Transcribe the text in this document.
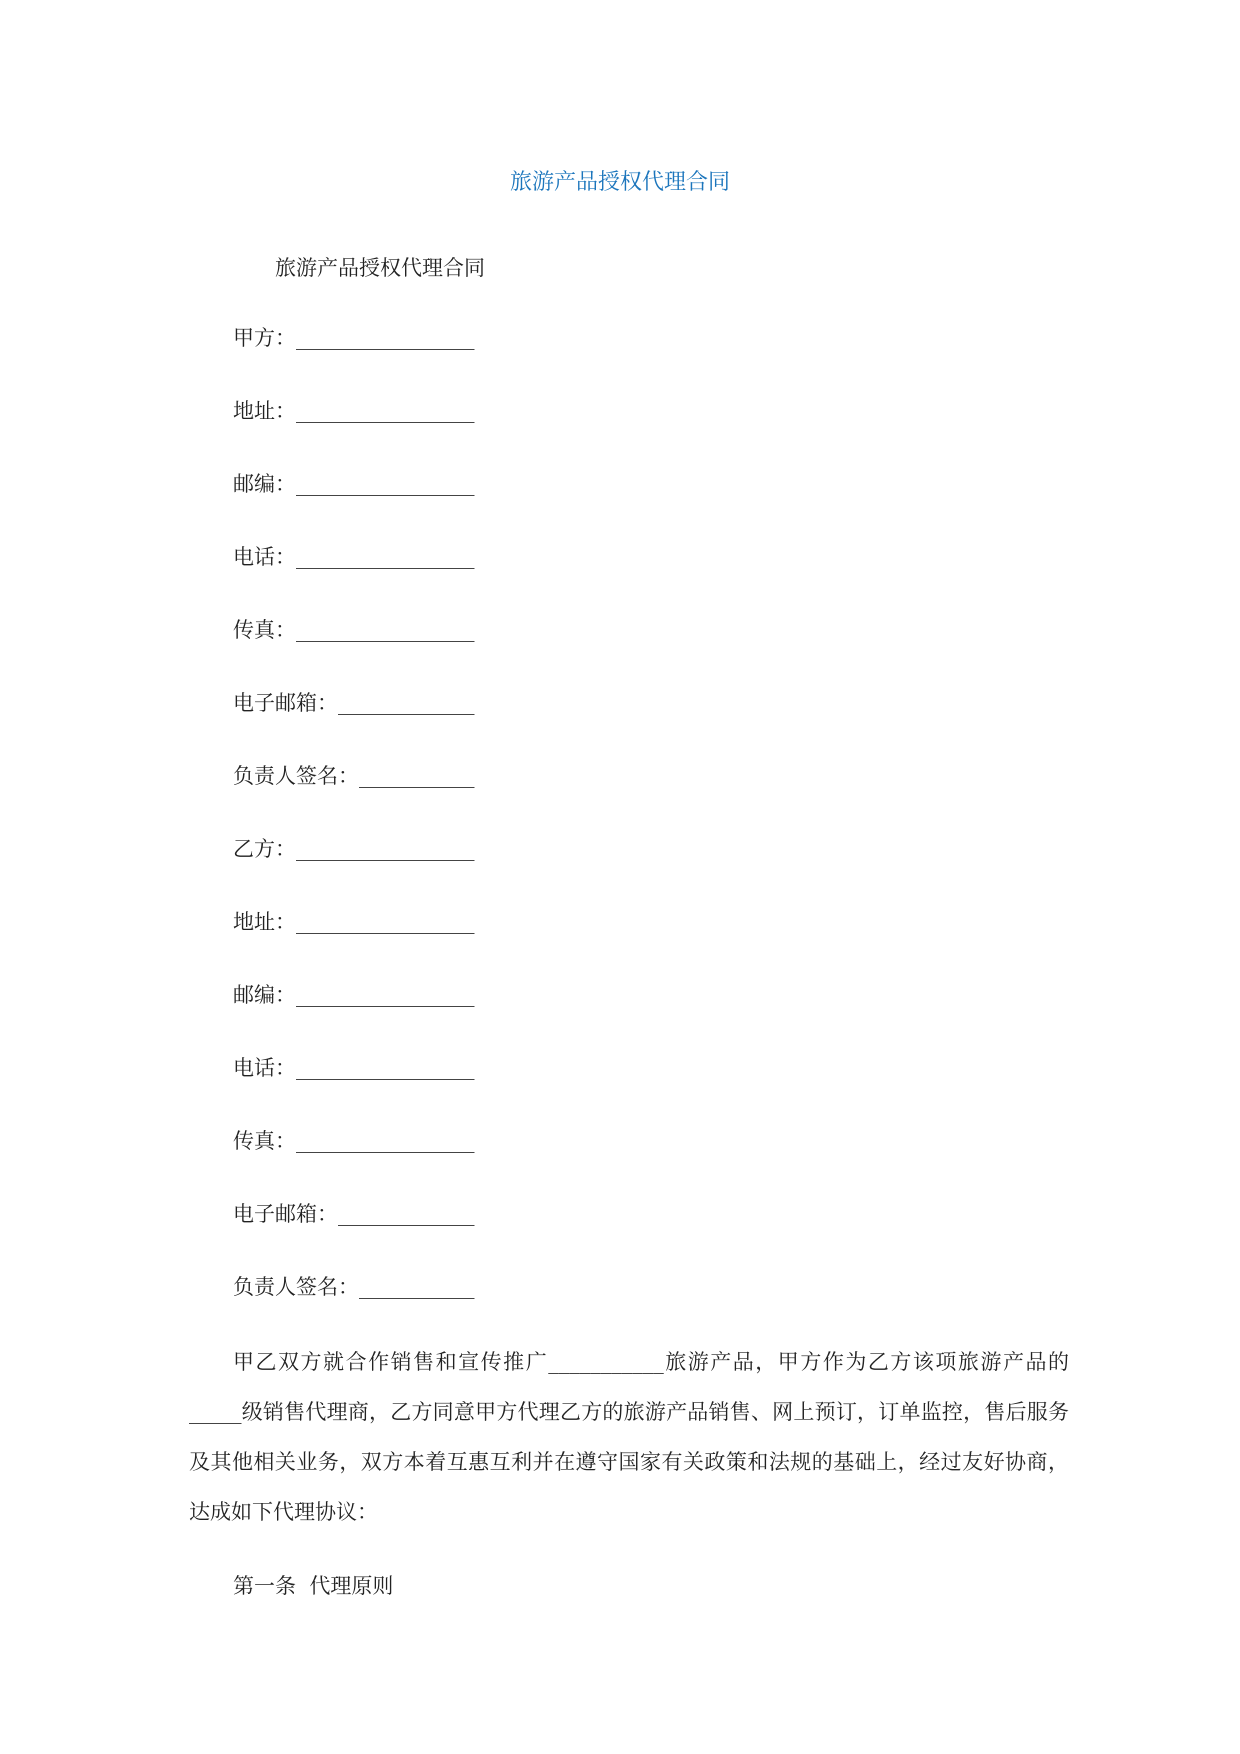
旅游产品授权代理合同
旅游产品授权代理合同
甲方：_________________
地址：_________________
邮编：_________________
电话：_________________
传真：_________________
电子邮箱：_____________
负责人签名：___________
乙方：_________________
地址：_________________
邮编：_________________
电话：_________________
传真：_________________
电子邮箱：_____________
负责人签名：___________
甲乙双方就合作销售和宣传推广___________旅游产品，甲方作为乙方该项旅游产品的_____级销售代理商，乙方同意甲方代理乙方的旅游产品销售、网上预订，订单监控，售后服务及其他相关业务，双方本着互惠互利并在遵守国家有关政策和法规的基础上，经过友好协商，达成如下代理协议：
第一条  代理原则
